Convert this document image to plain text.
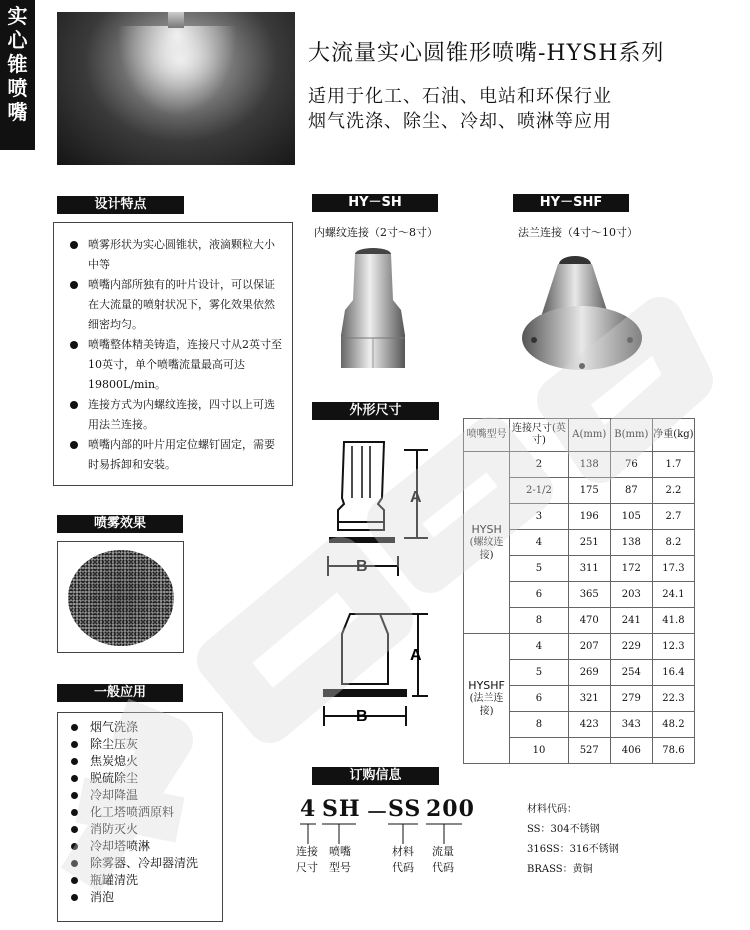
实
心
锥
喷
嘴
大流量实心圆锥形喷嘴-HYSH系列
适用于化工、石油、电站和环保行业
烟气洗涤、除尘、冷却、喷淋等应用
设计特点
喷雾形状为实心圆锥状，液滴颗粒大小中等
喷嘴内部所独有的叶片设计，可以保证在大流量的喷射状况下，雾化效果依然细密均匀。
喷嘴整体精美铸造，连接尺寸从2英寸至10英寸，单个喷嘴流量最高可达19800L/min。
连接方式为内螺纹连接，四寸以上可选用法兰连接。
喷嘴内部的叶片用定位螺钉固定，需要时易拆卸和安装。
HY－SH
内螺纹连接（2寸～8寸）
HY－SHF
法兰连接（4寸～10寸）
外形尺寸
A
B
A
B
喷雾效果
一般应用
烟气洗涤
除尘压灰
焦炭熄火
脱硫除尘
冷却降温
化工塔喷洒原料
消防灭火
冷却塔喷淋
除雾器、冷却器清洗
瓶罐清洗
消泡
喷嘴型号	连接尺寸(英寸)	A(mm)	B(mm)	净重(kg)

HYSH
(螺纹连接)	2	138	76	1.7
	2-1/2	175	87	2.2
	3	196	105	2.7
	4	251	138	8.2
	5	311	172	17.3
	6	365	203	24.1
	8	470	241	41.8

HYSHF
(法兰连接)	4	207	229	12.3
	5	269	254	16.4
	6	321	279	22.3
	8	423	343	48.2
	10	527	406	78.6
订购信息
4 SH －
SS 200
连接
尺寸
喷嘴
型号
材料
代码
流量
代码
材料代码：
SS：304不锈钢
316SS：316不锈钢
BRASS：黄铜
